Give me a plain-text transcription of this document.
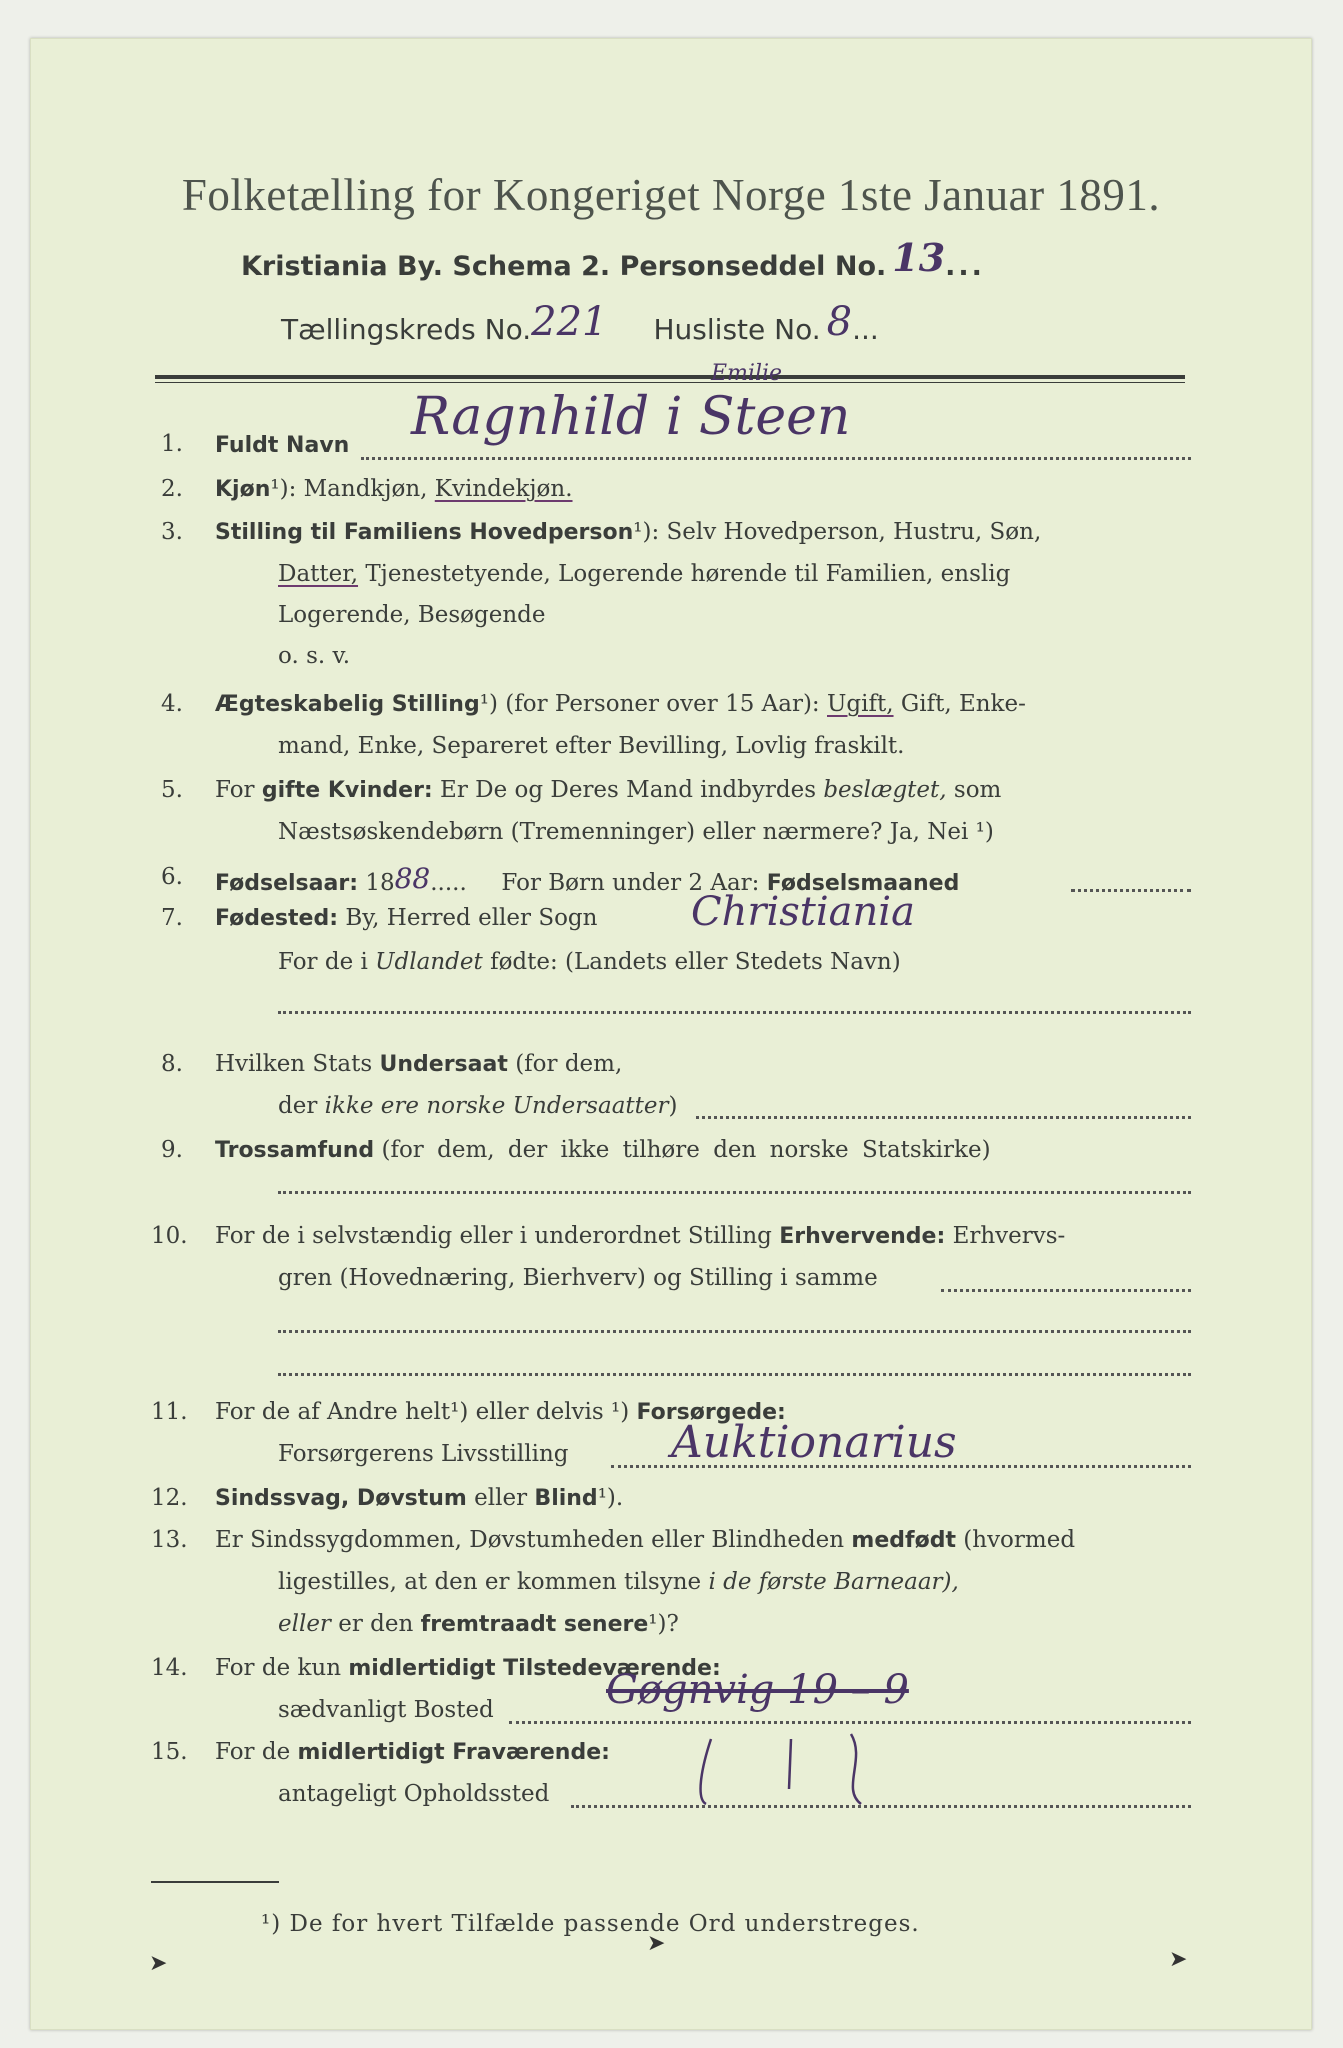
Folketælling for Kongeriget Norge 1ste Januar 1891.
Kristiania By. Schema 2. Personseddel No. 13...
Tællingskreds No.221 Husliste No. 8...
1. Fuldt Navn Ragnhild i Steen
Emilie
2. Kjøn¹): Mandkjøn, Kvindekjøn.
3. Stilling til Familiens Hovedperson¹): Selv Hovedperson, Hustru, Søn,
Datter, Tjenestetyende, Logerende hørende til Familien, enslig
Logerende, Besøgende
o. s. v.
4. Ægteskabelig Stilling¹) (for Personer over 15 Aar): Ugift, Gift, Enke-
mand, Enke, Separeret efter Bevilling, Lovlig fraskilt.
5. For gifte Kvinder: Er De og Deres Mand indbyrdes beslægtet, som
Næstsøskendebørn (Tremenninger) eller nærmere? Ja, Nei ¹)
6. Fødselsaar: 1888..... For Børn under 2 Aar: Fødselsmaaned
7. Fødested: By, Herred eller Sogn Christiania
For de i Udlandet fødte: (Landets eller Stedets Navn)
8. Hvilken Stats Undersaat (for dem,
der ikke ere norske Undersaatter)
9. Trossamfund (for dem, der ikke tilhøre den norske Statskirke)
10. For de i selvstændig eller i underordnet Stilling Erhvervende: Erhvervs-
gren (Hovednæring, Bierhverv) og Stilling i samme
11. For de af Andre helt¹) eller delvis ¹) Forsørgede:
Forsørgerens Livsstilling Auktionarius
12. Sindssvag, Døvstum eller Blind¹).
13. Er Sindssygdommen, Døvstumheden eller Blindheden medfødt (hvormed
ligestilles, at den er kommen tilsyne i de første Barneaar),
eller er den fremtraadt senere¹)?
14. For de kun midlertidigt Tilstedeværende:
sædvanligt Bosted	Gøgnvig 19 – 9
15. For de midlertidigt Fraværende:
antageligt Opholdssted
¹) De for hvert Tilfælde passende Ord understreges.
➤
➤
➤
